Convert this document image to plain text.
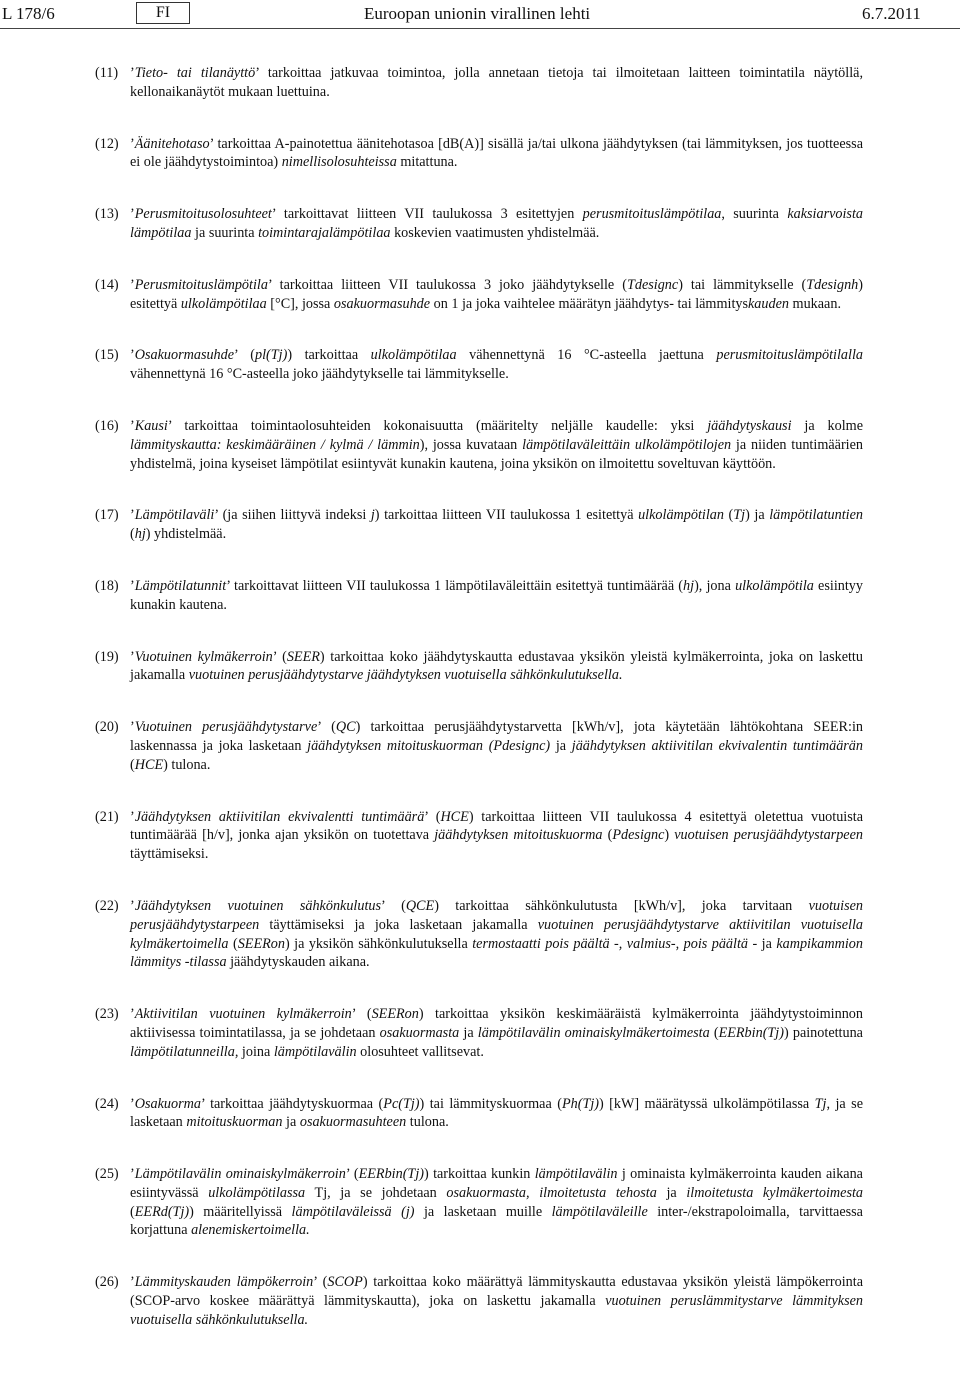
L 178/6	FI	Euroopan unionin virallinen lehti	6.7.2011
(11) ’Tieto- tai tilanäyttö’ tarkoittaa jatkuvaa toimintoa, jolla annetaan tietoja tai ilmoitetaan laitteen toimintatila näytöllä, kellonaikanäytöt mukaan luettuina.
(12) ’Äänitehotaso’ tarkoittaa A-painotettua äänitehotasoa [dB(A)] sisällä ja/tai ulkona jäähdytyksen (tai lämmityksen, jos tuotteessa ei ole jäähdytystoimintoa) nimellisolosuhteissa mitattuna.
(13) ’Perusmitoitusolosuhteet’ tarkoittavat liitteen VII taulukossa 3 esitettyjen perusmitoituslämpötilaa, suurinta kaksiarvoista lämpötilaa ja suurinta toimintarajalämpötilaa koskevien vaatimusten yhdistelmää.
(14) ’Perusmitoituslämpötila’ tarkoittaa liitteen VII taulukossa 3 joko jäähdytykselle (Tdesignc) tai lämmitykselle (Tdesignh) esitettyä ulkolämpötilaa [°C], jossa osakuormasuhde on 1 ja joka vaihtelee määrätyn jäähdytys- tai lämmityskauden mukaan.
(15) ’Osakuormasuhde’ (pl(Tj)) tarkoittaa ulkolämpötilaa vähennettynä 16 °C-asteella jaettuna perusmitoituslämpötilalla vähennettynä 16 °C-asteella joko jäähdytykselle tai lämmitykselle.
(16) ’Kausi’ tarkoittaa toimintaolosuhteiden kokonaisuutta (määritelty neljälle kaudelle: yksi jäähdytyskausi ja kolme lämmityskautta: keskimääräinen / kylmä / lämmin), jossa kuvataan lämpötilaväleittäin ulkolämpötilojen ja niiden tuntimäärien yhdistelmä, joina kyseiset lämpötilat esiintyvät kunakin kautena, joina yksikön on ilmoitettu soveltuvan käyttöön.
(17) ’Lämpötilaväli’ (ja siihen liittyvä indeksi j) tarkoittaa liitteen VII taulukossa 1 esitettyä ulkolämpötilan (Tj) ja lämpötilatuntien (hj) yhdistelmää.
(18) ’Lämpötilatunnit’ tarkoittavat liitteen VII taulukossa 1 lämpötilaväleittäin esitettyä tuntimäärää (hj), jona ulkolämpötila esiintyy kunakin kautena.
(19) ’Vuotuinen kylmäkerroin’ (SEER) tarkoittaa koko jäähdytyskautta edustavaa yksikön yleistä kylmäkerrointa, joka on laskettu jakamalla vuotuinen perusjäähdytystarve jäähdytyksen vuotuisella sähkönkulutuksella.
(20) ’Vuotuinen perusjäähdytystarve’ (QC) tarkoittaa perusjäähdytystarvetta [kWh/v], jota käytetään lähtökohtana SEER:in laskennassa ja joka lasketaan jäähdytyksen mitoituskuorman (Pdesignc) ja jäähdytyksen aktiivitilan ekvivalentin tuntimäärän (HCE) tulona.
(21) ’Jäähdytyksen aktiivitilan ekvivalentti tuntimäärä’ (HCE) tarkoittaa liitteen VII taulukossa 4 esitettyä oletettua vuotuista tuntimäärää [h/v], jonka ajan yksikön on tuotettava jäähdytyksen mitoituskuorma (Pdesignc) vuotuisen perusjäähdytystarpeen täyttämiseksi.
(22) ’Jäähdytyksen vuotuinen sähkönkulutus’ (QCE) tarkoittaa sähkönkulutusta [kWh/v], joka tarvitaan vuotuisen perusjäähdytystarpeen täyttämiseksi ja joka lasketaan jakamalla vuotuinen perusjäähdytystarve aktiivitilan vuotuisella kylmäkertoimella (SEERon) ja yksikön sähkönkulutuksella termostaatti pois päältä -, valmius-, pois päältä - ja kampikammion lämmitys -tilassa jäähdytyskauden aikana.
(23) ’Aktiivitilan vuotuinen kylmäkerroin’ (SEERon) tarkoittaa yksikön keskimääräistä kylmäkerrointa jäähdytystoiminnon aktiivisessa toimintatilassa, ja se johdetaan osakuormasta ja lämpötilavälin ominaiskylmäkertoimesta (EERbin(Tj)) painotettuna lämpötilatunneilla, joina lämpötilavälin olosuhteet vallitsevat.
(24) ’Osakuorma’ tarkoittaa jäähdytyskuormaa (Pc(Tj)) tai lämmityskuormaa (Ph(Tj)) [kW] määrätyssä ulkolämpötilassa Tj, ja se lasketaan mitoituskuorman ja osakuormasuhteen tulona.
(25) ’Lämpötilavälin ominaiskylmäkerroin’ (EERbin(Tj)) tarkoittaa kunkin lämpötilavälin j ominaista kylmäkerrointa kauden aikana esiintyvässä ulkolämpötilassa Tj, ja se johdetaan osakuormasta, ilmoitetusta tehosta ja ilmoitetusta kylmäkertoimesta (EERd(Tj)) määritellyissä lämpötilaväleissä (j) ja lasketaan muille lämpötilaväleille inter-/ekstrapoloimalla, tarvittaessa korjattuna alenemiskertoimella.
(26) ’Lämmityskauden lämpökerroin’ (SCOP) tarkoittaa koko määrättyä lämmityskautta edustavaa yksikön yleistä lämpökerrointa (SCOP-arvo koskee määrättyä lämmityskautta), joka on laskettu jakamalla vuotuinen peruslämmitystarve lämmityksen vuotuisella sähkönkulutuksella.
